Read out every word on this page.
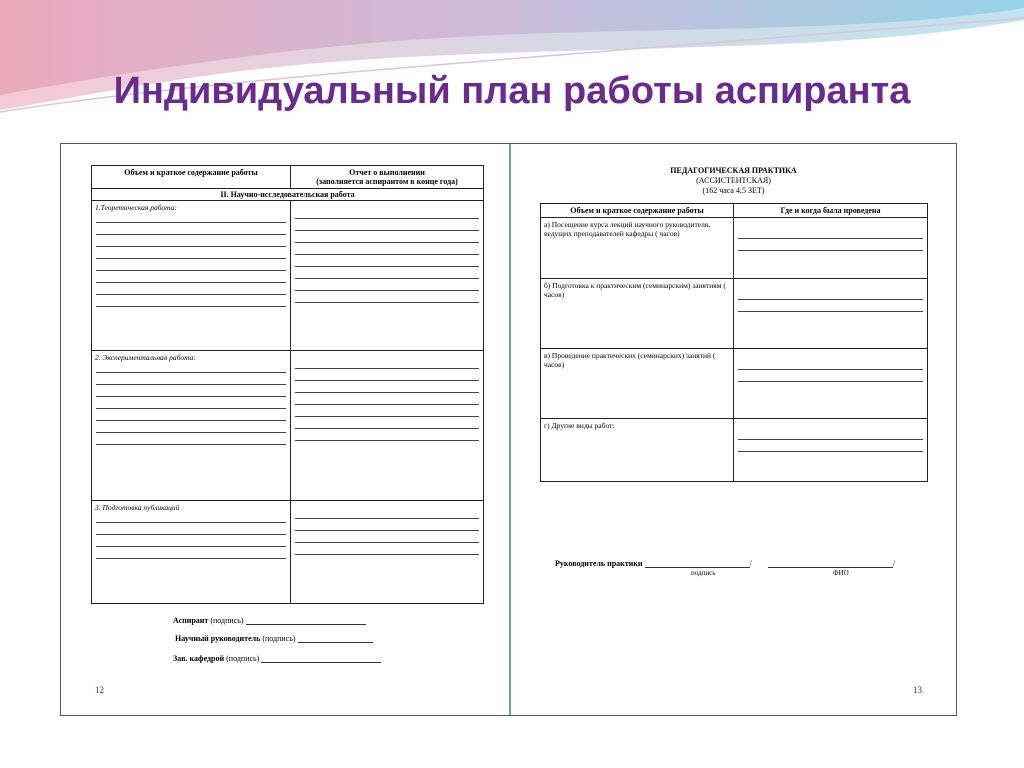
Индивидуальный план работы аспиранта
Объем и краткое содержание работы	Отчет о выполнении
(заполняется аспирантом в конце года)

II. Научно-исследовательская работа	

1.Теоретическая работа:	

2. Экспериментальная работа:	

3. Подготовка публикаций	

Аспирант (подпись)
Научный руководитель (подпись)
Зав. кафедрой (подпись)
12
ПЕДАГОГИЧЕСКАЯ ПРАКТИКА
(АССИСТЕНТСКАЯ)
(162 часа 4,5 ЗЕТ)
Объем и краткое содержание работы	Где и когда была проведена
а) Посещение курса лекций научного руководителя, ведущих преподавателей кафедры ( часов)	

б) Подготовка к практическим (семинарским) занятиям ( часов)	

в) Проведение практических (семинарских) занятий ( часов)	

г) Другие виды работ:	
Руководитель практики	/	/
подпись	ФИО
13
